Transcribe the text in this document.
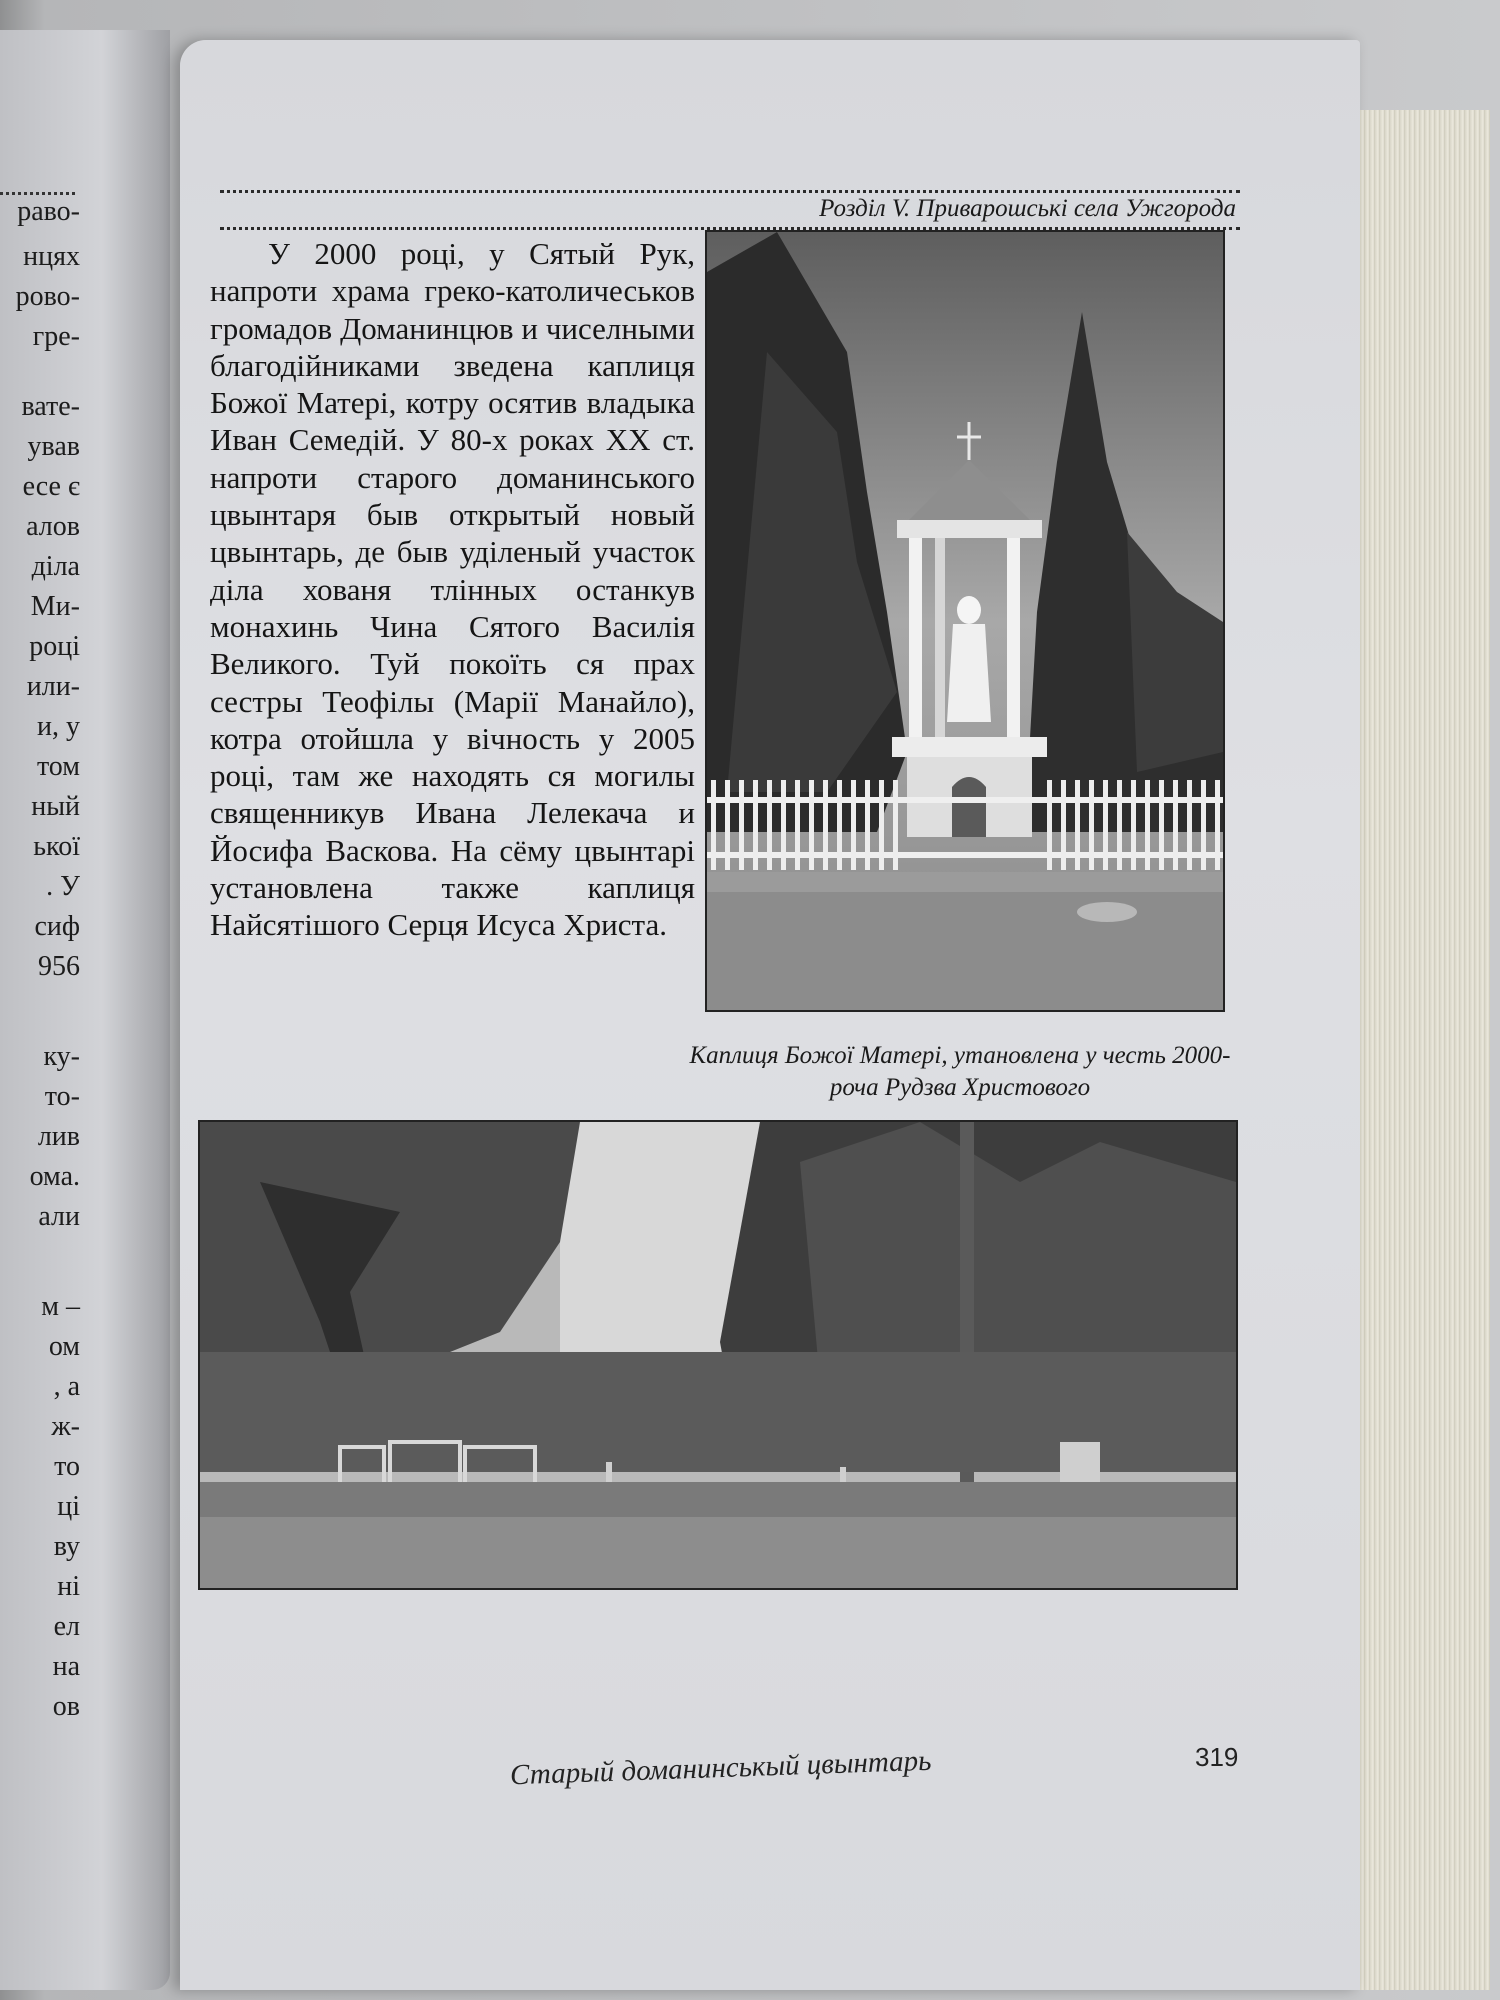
раво-
нцях
рово-
гре-
вате-
ував
есе є
алов
діла
Ми-
році
или-
и, у
том
ный
ької
. У
сиф
956
ку-
то-
лив
ома.
али
м –
ом
, а
ж-
то
ці
ву
ні
ел
на
ов
Розділ V. Приварошські села Ужгорода

У 2000 році, у Сятый Рук, напроти храма греко-католичеськов громадов Доманинцюв и чиселными благодійниками зведена каплиця Божої Матері, котру осятив владыка Иван Семедій. У 80-х роках ХХ ст. напроти старого доманинського цвынтаря быв открытый новый цвынтарь, де быв уділеный участок діла хованя тлінных останкув монахинь Чина Сятого Василія Великого. Туй покоїть ся прах сестры Теофілы (Марії Манайло), котра отойшла у вічность у 2005 році, там же находять ся могилы священникув Ивана Лелекача и Йосифа Васкова. На сёму цвынтарі установлена также каплиця Найсятішого Серця Исуса Христа.

Каплиця Божої Матері, утановлена у честь 2000-роча Рудзва Христового
Старый доманинськый цвынтарь	319
